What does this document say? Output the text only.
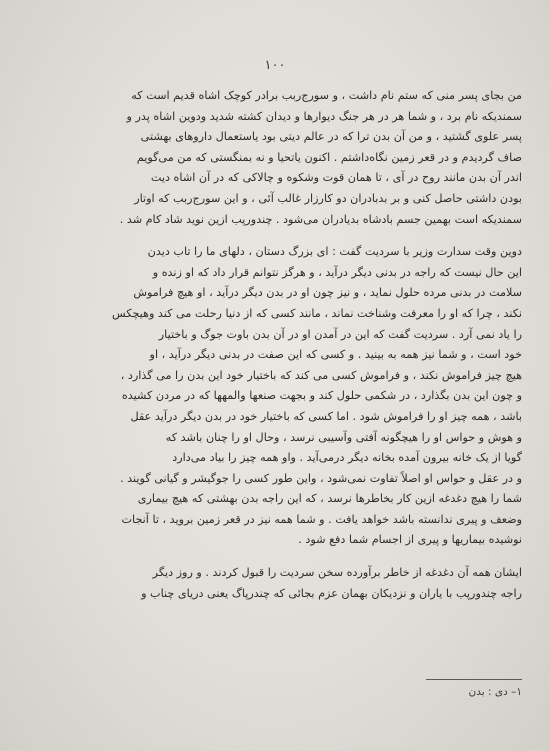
۱۰۰
من بجای پسر منی که ستم نام داشت ، و سورج‌ربب برادر کوچک اشاه قدیم است که
سمندیکه نام برد ، و شما هر در هر جنگ دیوارها و دیدان کشته شدید ودوین اشاه پدر و
پسر علوی گشتید ، و من آن بدن ترا که در عالم دیتی بود یاستعمال داروهای بهشتی
صاف گردیدم و در قعر زمین نگاه‌داشتم . اکنون یاتحیا و نه بمنگستی که من می‌گویم
اندر آن بدن مانند روح در آی ، تا همان قوت وشکوه و چالاکی که در آن اشاه دیت
بودن داشتی حاصل کنی و بر بدبادران دو کارزار غالب آئی ، و این سورج‌ربب که اوتار
سمندیکه است بهمین جسم بادشاه بدیادران می‌شود . چندورپب ازین نوید شاد کام شد .
دوین وقت سدارت وزیر با سردیت گفت : ای بزرگ دستان ، دلهای ما را تاب دیدن
این حال نیست که راجه در بدنی دیگر درآید ، و هرگز نتوانم قرار داد که او زنده و
سلامت در بدنی مرده حلول نماید ، و نیز چون او در بدن دیگر درآید ، او هیچ فراموش
نکند ، چرا که او را معرفت وشناخت نماند ، مانند کسی که از دنیا رحلت می کند وهیچکس
را یاد نمی آرد . سردیت گفت که این در آمدن او در آن بدن باوت جوگ و باختیار
خود است ، و شما نیز همه به بینید . و کسی که این صفت در بدنی دیگر درآید ، او
هیچ چیز فراموش نکند ، و فراموش کسی می کند که باختیار خود این بدن را می گذارد ،
و چون این بدن بگذارد ، در شکمی حلول کند و بجهت صنعها والمهها که در مردن کشیده
باشد ، همه چیز او را فراموش شود . اما کسی که باختیار خود در بدن دیگر درآید عقل
و هوش و حواس او را هیچگونه آفتی وآسیبی نرسد ، وحال او را چنان باشد که
گویا از یک خانه بیرون آمده بخانه دیگر درمی‌آید . واو همه چیز را بیاد می‌دارد
و در عقل و حواس او اصلاً تفاوت نمی‌شود ، واین طور کسی را جوگیشر و گیانی گویند .
شما را هیچ دغدغه ازین کار بخاطرها نرسد ، که این راجه بدن بهشتی که هیچ بیماری
وضعف و پیری ندانسته باشد خواهد یافت . و شما همه نیز در قعر زمین بروید ، تا آنجات
نوشیده بیماریها و پیری از اجسام شما دفع شود .
ایشان همه آن دغدغه از خاطر برآورده سخن سردیت را قبول کردند . و روز دیگر
راجه چندورپب با یاران و نزدیکان بهمان عزم بجائی که چندرپاگ یعنی دریای چناب و
۱– دی : بدن
